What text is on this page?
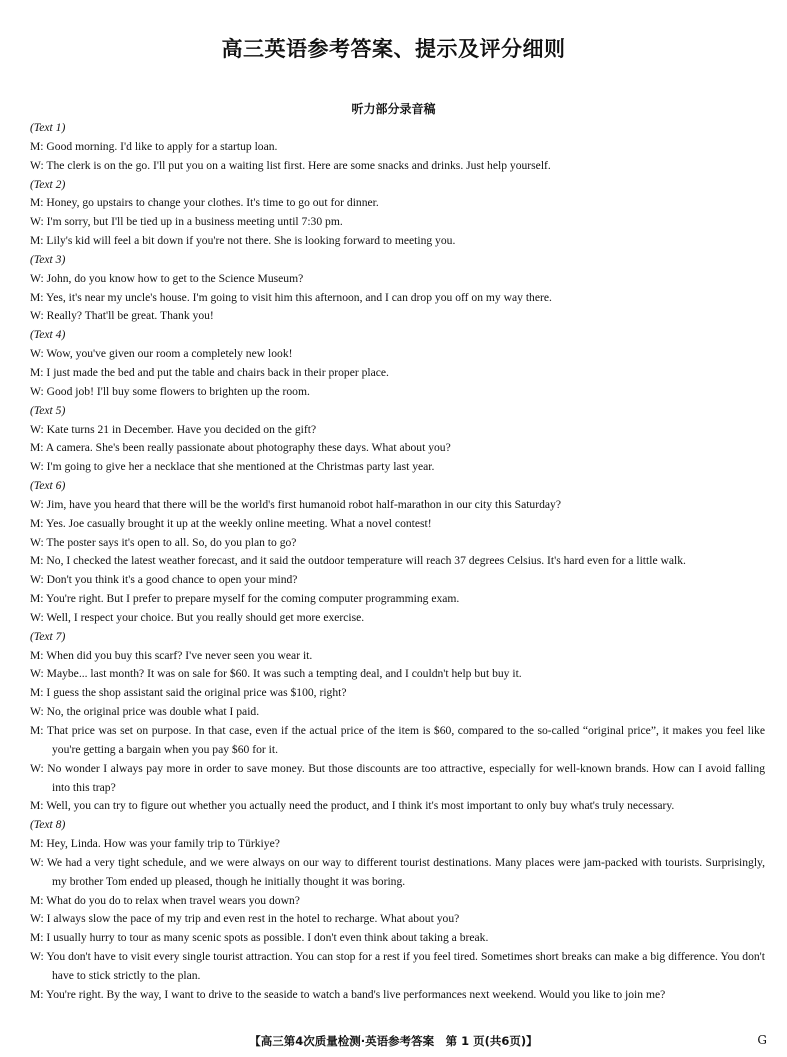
高三英语参考答案、提示及评分细则
听力部分录音稿

(Text 1)

M: Good morning. I'd like to apply for a startup loan.

W: The clerk is on the go. I'll put you on a waiting list first. Here are some snacks and drinks. Just help yourself.

(Text 2)

M: Honey, go upstairs to change your clothes. It's time to go out for dinner.

W: I'm sorry, but I'll be tied up in a business meeting until 7:30 pm.

M: Lily's kid will feel a bit down if you're not there. She is looking forward to meeting you.

(Text 3)

W: John, do you know how to get to the Science Museum?

M: Yes, it's near my uncle's house. I'm going to visit him this afternoon, and I can drop you off on my way there.

W: Really? That'll be great. Thank you!

(Text 4)

W: Wow, you've given our room a completely new look!

M: I just made the bed and put the table and chairs back in their proper place.

W: Good job! I'll buy some flowers to brighten up the room.

(Text 5)

W: Kate turns 21 in December. Have you decided on the gift?

M: A camera. She's been really passionate about photography these days. What about you?

W: I'm going to give her a necklace that she mentioned at the Christmas party last year.

(Text 6)

W: Jim, have you heard that there will be the world's first humanoid robot half-marathon in our city this Saturday?

M: Yes. Joe casually brought it up at the weekly online meeting. What a novel contest!

W: The poster says it's open to all. So, do you plan to go?

M: No, I checked the latest weather forecast, and it said the outdoor temperature will reach 37 degrees Celsius. It's hard even for a little walk.

W: Don't you think it's a good chance to open your mind?

M: You're right. But I prefer to prepare myself for the coming computer programming exam.

W: Well, I respect your choice. But you really should get more exercise.

(Text 7)

M: When did you buy this scarf? I've never seen you wear it.

W: Maybe... last month? It was on sale for $60. It was such a tempting deal, and I couldn't help but buy it.

M: I guess the shop assistant said the original price was $100, right?

W: No, the original price was double what I paid.

M: That price was set on purpose. In that case, even if the actual price of the item is $60, compared to the so-called “original price”, it makes you feel like you're getting a bargain when you pay $60 for it.

W: No wonder I always pay more in order to save money. But those discounts are too attractive, especially for well-known brands. How can I avoid falling into this trap?

M: Well, you can try to figure out whether you actually need the product, and I think it's most important to only buy what's truly necessary.

(Text 8)

M: Hey, Linda. How was your family trip to Türkiye?

W: We had a very tight schedule, and we were always on our way to different tourist destinations. Many places were jam-packed with tourists. Surprisingly, my brother Tom ended up pleased, though he initially thought it was boring.

M: What do you do to relax when travel wears you down?

W: I always slow the pace of my trip and even rest in the hotel to recharge. What about you?

M: I usually hurry to tour as many scenic spots as possible. I don't even think about taking a break.

W: You don't have to visit every single tourist attraction. You can stop for a rest if you feel tired. Sometimes short breaks can make a big difference. You don't have to stick strictly to the plan.

M: You're right. By the way, I want to drive to the seaside to watch a band's live performances next weekend. Would you like to join me?

【高三第4次质量检测·英语参考答案　第 1 页(共6页)】	G
